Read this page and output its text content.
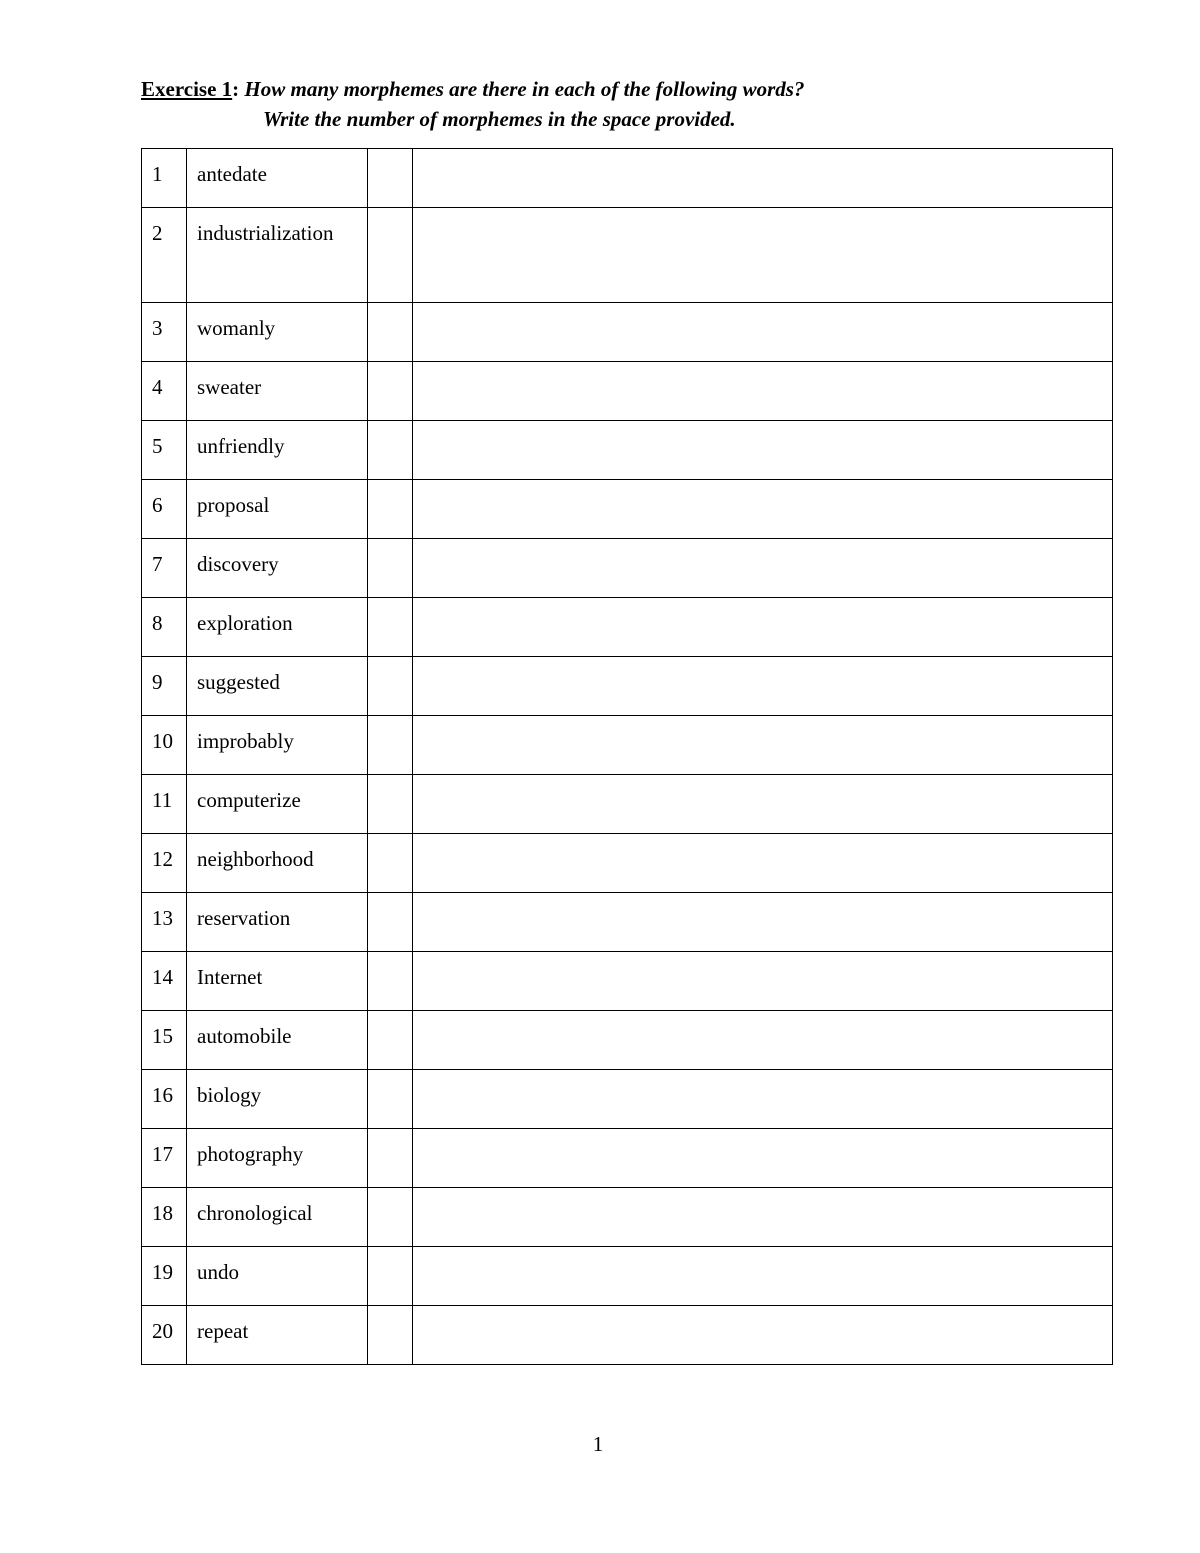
Exercise 1: How many morphemes are there in each of the following words?
Write the number of morphemes in the space provided.
1	antedate		

2	industrialization		

3	womanly		

4	sweater		

5	unfriendly		

6	proposal		

7	discovery		

8	exploration		

9	suggested		

10	improbably		

11	computerize		

12	neighborhood		

13	reservation		

14	Internet		

15	automobile		

16	biology		

17	photography		

18	chronological		

19	undo		

20	repeat		

1
